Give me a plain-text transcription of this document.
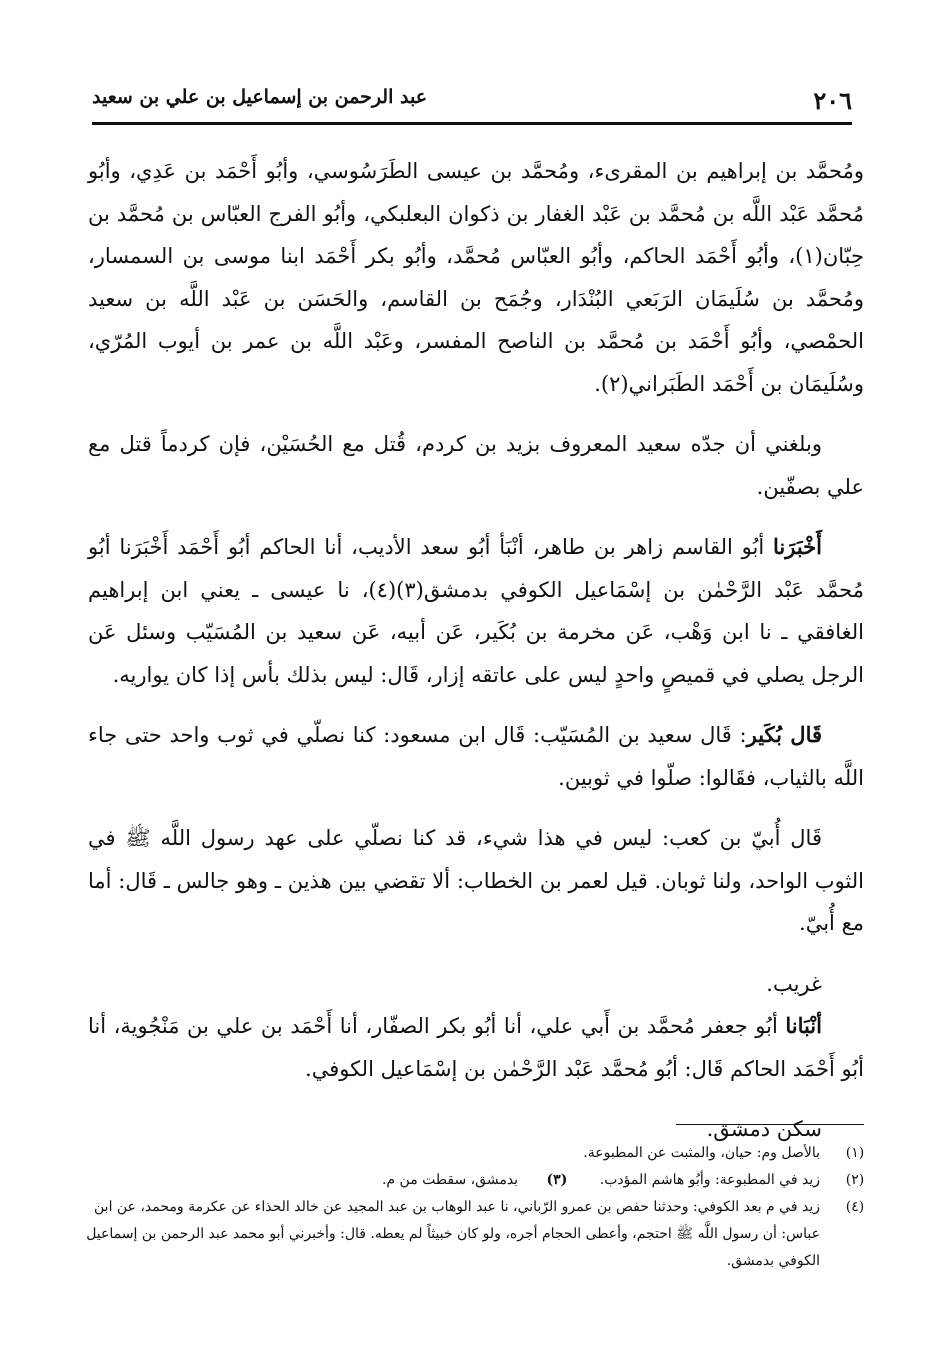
٢٠٦
عبد الرحمن بن إسماعيل بن علي بن سعيد

ومُحمَّد بن إبراهيم بن المقرىء، ومُحمَّد بن عيسى الطَرَسُوسي، وأبُو أَحْمَد بن عَدِي، وأبُو مُحمَّد عَبْد اللَّه بن مُحمَّد بن عَبْد الغفار بن ذكوان البعلبكي، وأبُو الفرج العبّاس بن مُحمَّد بن حِبّان(١)، وأبُو أَحْمَد الحاكم، وأبُو العبّاس مُحمَّد، وأبُو بكر أَحْمَد ابنا موسى بن السمسار، ومُحمَّد بن سُلَيمَان الرَبَعي البُنْدَار، وجُمَح بن القاسم، والحَسَن بن عَبْد اللَّه بن سعيد الحمْصي، وأبُو أَحْمَد بن مُحمَّد بن الناصح المفسر، وعَبْد اللَّه بن عمر بن أيوب المُرّي، وسُلَيمَان بن أَحْمَد الطَبَراني(٢).

وبلغني أن جدّه سعيد المعروف بزيد بن كردم، قُتل مع الحُسَيْن، فإن كردماً قتل مع علي بصفّين.

أَخْبَرَنا أبُو القاسم زاهر بن طاهر، أنْبَأ أبُو سعد الأديب، أنا الحاكم أبُو أَحْمَد أَخْبَرَنا أبُو مُحمَّد عَبْد الرَّحْمٰن بن إسْمَاعيل الكوفي بدمشق(٣)(٤)، نا عيسى ـ يعني ابن إبراهيم الغافقي ـ نا ابن وَهْب، عَن مخرمة بن بُكَير، عَن أبيه، عَن سعيد بن المُسَيّب وسئل عَن الرجل يصلي في قميصٍ واحدٍ ليس على عاتقه إزار، قَال: ليس بذلك بأس إذا كان يواريه.

قَال بُكَير: قَال سعيد بن المُسَيّب: قَال ابن مسعود: كنا نصلّي في ثوب واحد حتى جاء اللَّه بالثياب، فقَالوا: صلّوا في ثوبين.

قَال أُبيّ بن كعب: ليس في هذا شيء، قد كنا نصلّي على عهد رسول اللَّه ﷺ في الثوب الواحد، ولنا ثوبان. قيل لعمر بن الخطاب: ألا تقضي بين هذين ـ وهو جالس ـ قَال: أما مع أُبيّ.

غريب.

أنْبَانا أبُو جعفر مُحمَّد بن أَبي علي، أنا أبُو بكر الصفّار، أنا أَحْمَد بن علي بن مَنْجُوية، أنا أبُو أَحْمَد الحاكم قَال: أبُو مُحمَّد عَبْد الرَّحْمٰن بن إسْمَاعيل الكوفي.

سكن دمشق.

(١)
بالأصل وم: حيان، والمثبت عن المطبوعة.
(٢)
زيد في المطبوعة: وأبُو هاشم المؤدب. (٣) بدمشق، سقطت من م.
(٤)
زيد في م بعد الكوفي: وحدثنا حفص بن عمرو الرّباني، نا عبد الوهاب بن عبد المجيد عن خالد الحذاء عن عكرمة ومحمد، عن ابن عباس: أن رسول اللَّه ﷺ احتجم، وأعطى الحجام أجره، ولو كان خبيثاً لم يعطه. قال: وأخبرني أبو محمد عبد الرحمن بن إسماعيل الكوفي بدمشق.
